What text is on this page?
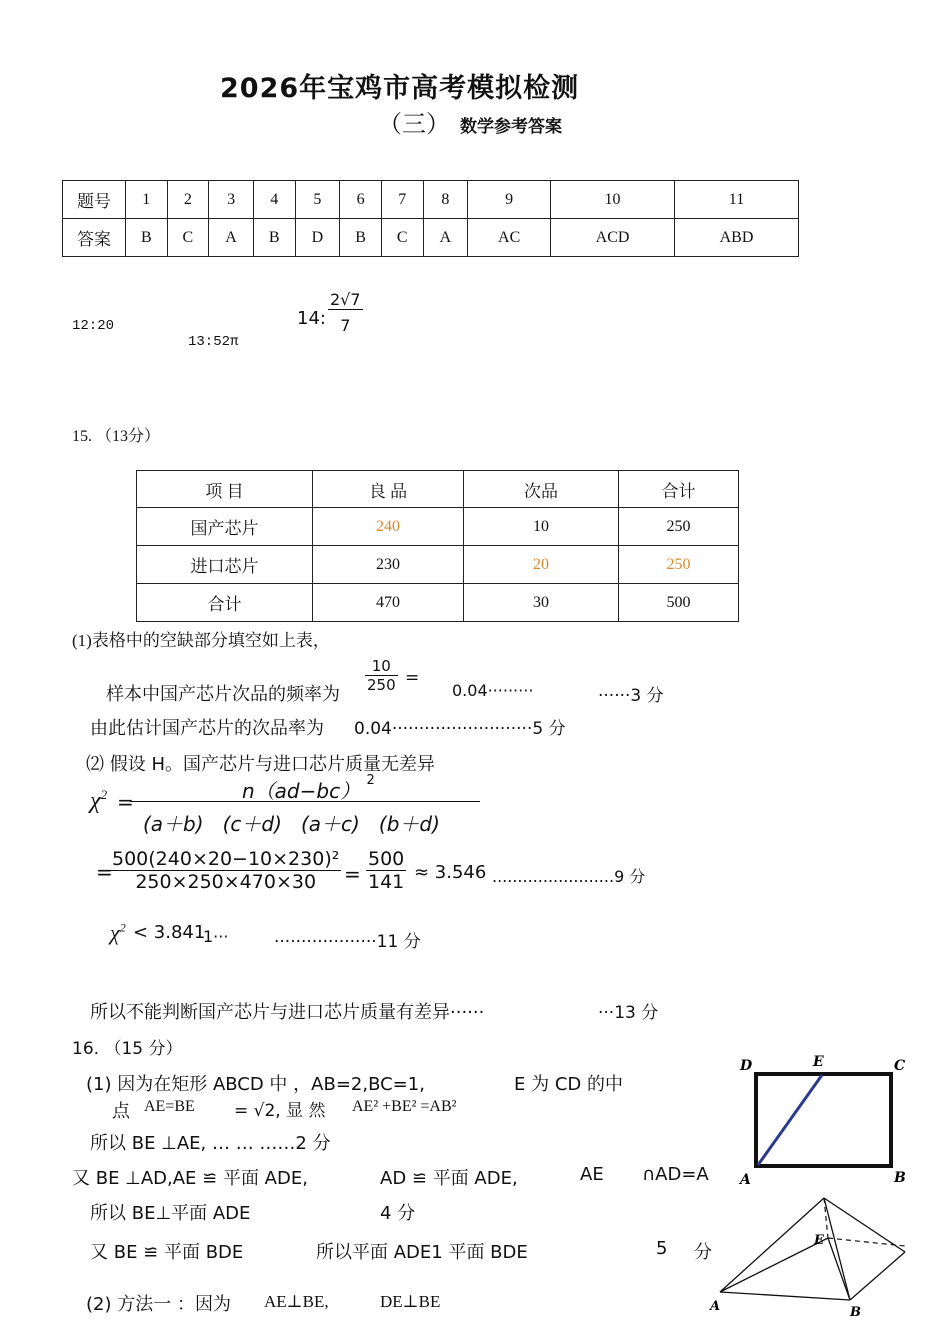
2026年宝鸡市高考模拟检测
（三） 数学参考答案
题号	1	2	3	4	5	6	7	8	9	10	11
答案	B	C	A	B	D	B	C	A	AC	ACD	ABD
12:20
13:52π
14: $\frac{2√7}{7}$
15. （13分）
项 目	良 品	次品	合计
国产芯片	240	10	250
进口芯片	230	20	250
合计	470	30	500
(1)表格中的空缺部分填空如上表，
样本中国产芯片次品的频率为
$\frac{10}{250}$ =
0.04·········	······3 分
由此估计国产芯片的次品率为 0.04··························5 分
⑵ 假设 H。国产芯片与进口芯片质量无差异
$\chi^2$ =	n（ad−bc） $^2$
(a＋b)   (c＋d)   (a＋c)   (b＋d)
=
$\frac{\text{500(240×20−10×230)²}}{250\times 250\times 470\times 30} = \frac{500}{141} \approx 3.546$ ........................9 分
$\chi^2 < 3.841$
1···	···················11 分
所以不能判断国产芯片与进口芯片质量有差异······	···13 分
16. （15 分）
(1) 因为在矩形 ABCD 中 ，AB=2,BC=1,	E 为 CD 的中
点 AE=BE = √2, 显 然 AE² +BE² =AB²
所以 BE ⊥AE, … … ……2 分
又 BE ⊥AD,AE ≌ 平面 ADE,	AD ≌ 平面 ADE,	AE ∩AD=A
所以 BE⊥平面 ADE	4 分
又 BE ≌ 平面 BDE	所以平面 ADE1 平面 BDE	5 分
(2) 方法一 ：因为 AE⊥BE,	DE⊥BE
D	E	C
A	B
E
A	B
